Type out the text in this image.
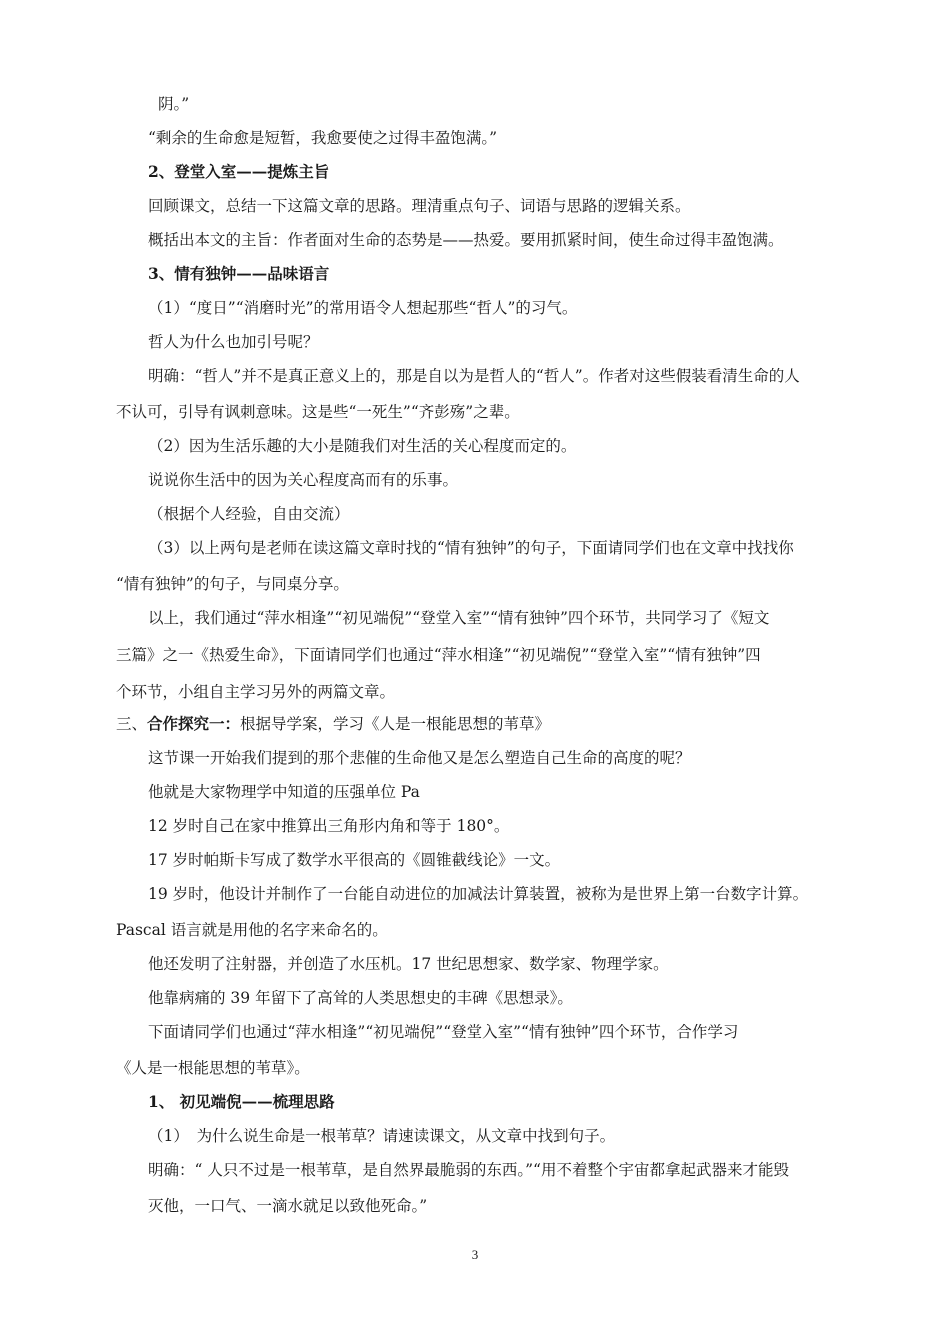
阴。”
“剩余的生命愈是短暂，我愈要使之过得丰盈饱满。”
2、登堂入室——提炼主旨
回顾课文，总结一下这篇文章的思路。理清重点句子、词语与思路的逻辑关系。
概括出本文的主旨：作者面对生命的态势是——热爱。要用抓紧时间，使生命过得丰盈饱满。
3、情有独钟——品味语言
（1）“度日”“消磨时光”的常用语令人想起那些“哲人”的习气。
哲人为什么也加引号呢？
明确：“哲人”并不是真正意义上的，那是自以为是哲人的“哲人”。作者对这些假装看清生命的人
不认可，引导有讽刺意味。这是些“一死生”“齐彭殇”之辈。
（2）因为生活乐趣的大小是随我们对生活的关心程度而定的。
说说你生活中的因为关心程度高而有的乐事。
（根据个人经验，自由交流）
（3）以上两句是老师在读这篇文章时找的“情有独钟”的句子，下面请同学们也在文章中找找你
“情有独钟”的句子，与同桌分享。
以上，我们通过“萍水相逢”“初见端倪”“登堂入室”“情有独钟”四个环节，共同学习了《短文
三篇》之一《热爱生命》，下面请同学们也通过“萍水相逢”“初见端倪”“登堂入室”“情有独钟”四
个环节，小组自主学习另外的两篇文章。
三、合作探究一：根据导学案，学习《人是一根能思想的苇草》
这节课一开始我们提到的那个悲催的生命他又是怎么塑造自己生命的高度的呢？
他就是大家物理学中知道的压强单位 Pa
12 岁时自己在家中推算出三角形内角和等于 180°。
17 岁时帕斯卡写成了数学水平很高的《圆锥截线论》一文。
19 岁时，他设计并制作了一台能自动进位的加减法计算装置，被称为是世界上第一台数字计算。
Pascal 语言就是用他的名字来命名的。
他还发明了注射器，并创造了水压机。17 世纪思想家、数学家、物理学家。
他靠病痛的 39 年留下了高耸的人类思想史的丰碑《思想录》。
下面请同学们也通过“萍水相逢”“初见端倪”“登堂入室”“情有独钟”四个环节，合作学习
《人是一根能思想的苇草》。
1、 初见端倪——梳理思路
（1）　为什么说生命是一根苇草？请速读课文，从文章中找到句子。
明确：“ 人只不过是一根苇草，是自然界最脆弱的东西。”“用不着整个宇宙都拿起武器来才能毁
灭他，一口气、一滴水就足以致他死命。”
3
